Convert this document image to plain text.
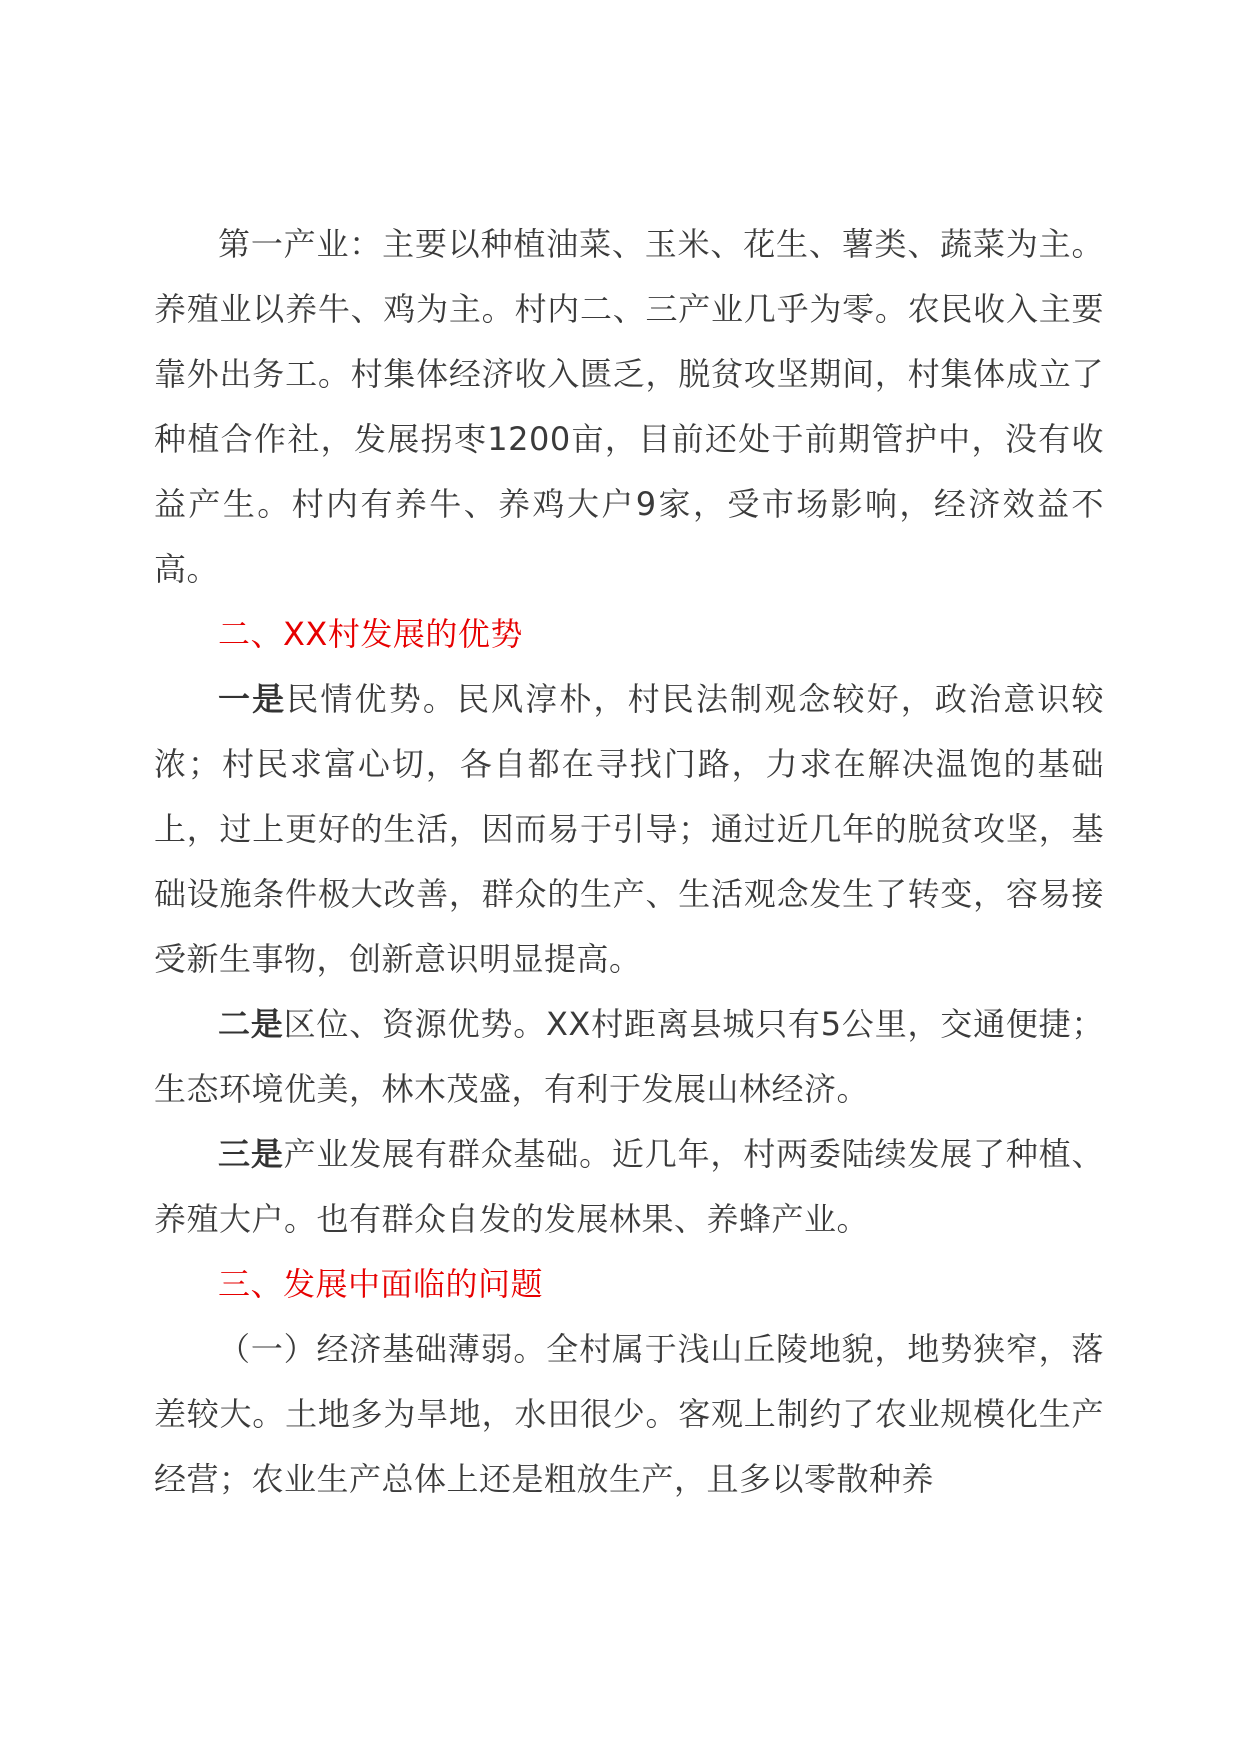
第一产业：主要以种植油菜、玉米、花生、薯类、蔬菜为主。养殖业以养牛、鸡为主。村内二、三产业几乎为零。农民收入主要靠外出务工。村集体经济收入匮乏，脱贫攻坚期间，村集体成立了种植合作社，发展拐枣1200亩，目前还处于前期管护中，没有收益产生。村内有养牛、养鸡大户9家，受市场影响，经济效益不高。

二、XX村发展的优势

一是民情优势。民风淳朴，村民法制观念较好，政治意识较浓；村民求富心切，各自都在寻找门路，力求在解决温饱的基础上，过上更好的生活，因而易于引导；通过近几年的脱贫攻坚，基础设施条件极大改善，群众的生产、生活观念发生了转变，容易接受新生事物，创新意识明显提高。

二是区位、资源优势。XX村距离县城只有5公里，交通便捷；生态环境优美，林木茂盛，有利于发展山林经济。

三是产业发展有群众基础。近几年，村两委陆续发展了种植、养殖大户。也有群众自发的发展林果、养蜂产业。

三、发展中面临的问题

（一）经济基础薄弱。全村属于浅山丘陵地貌，地势狭窄，落差较大。土地多为旱地，水田很少。客观上制约了农业规模化生产经营；农业生产总体上还是粗放生产，且多以零散种养
